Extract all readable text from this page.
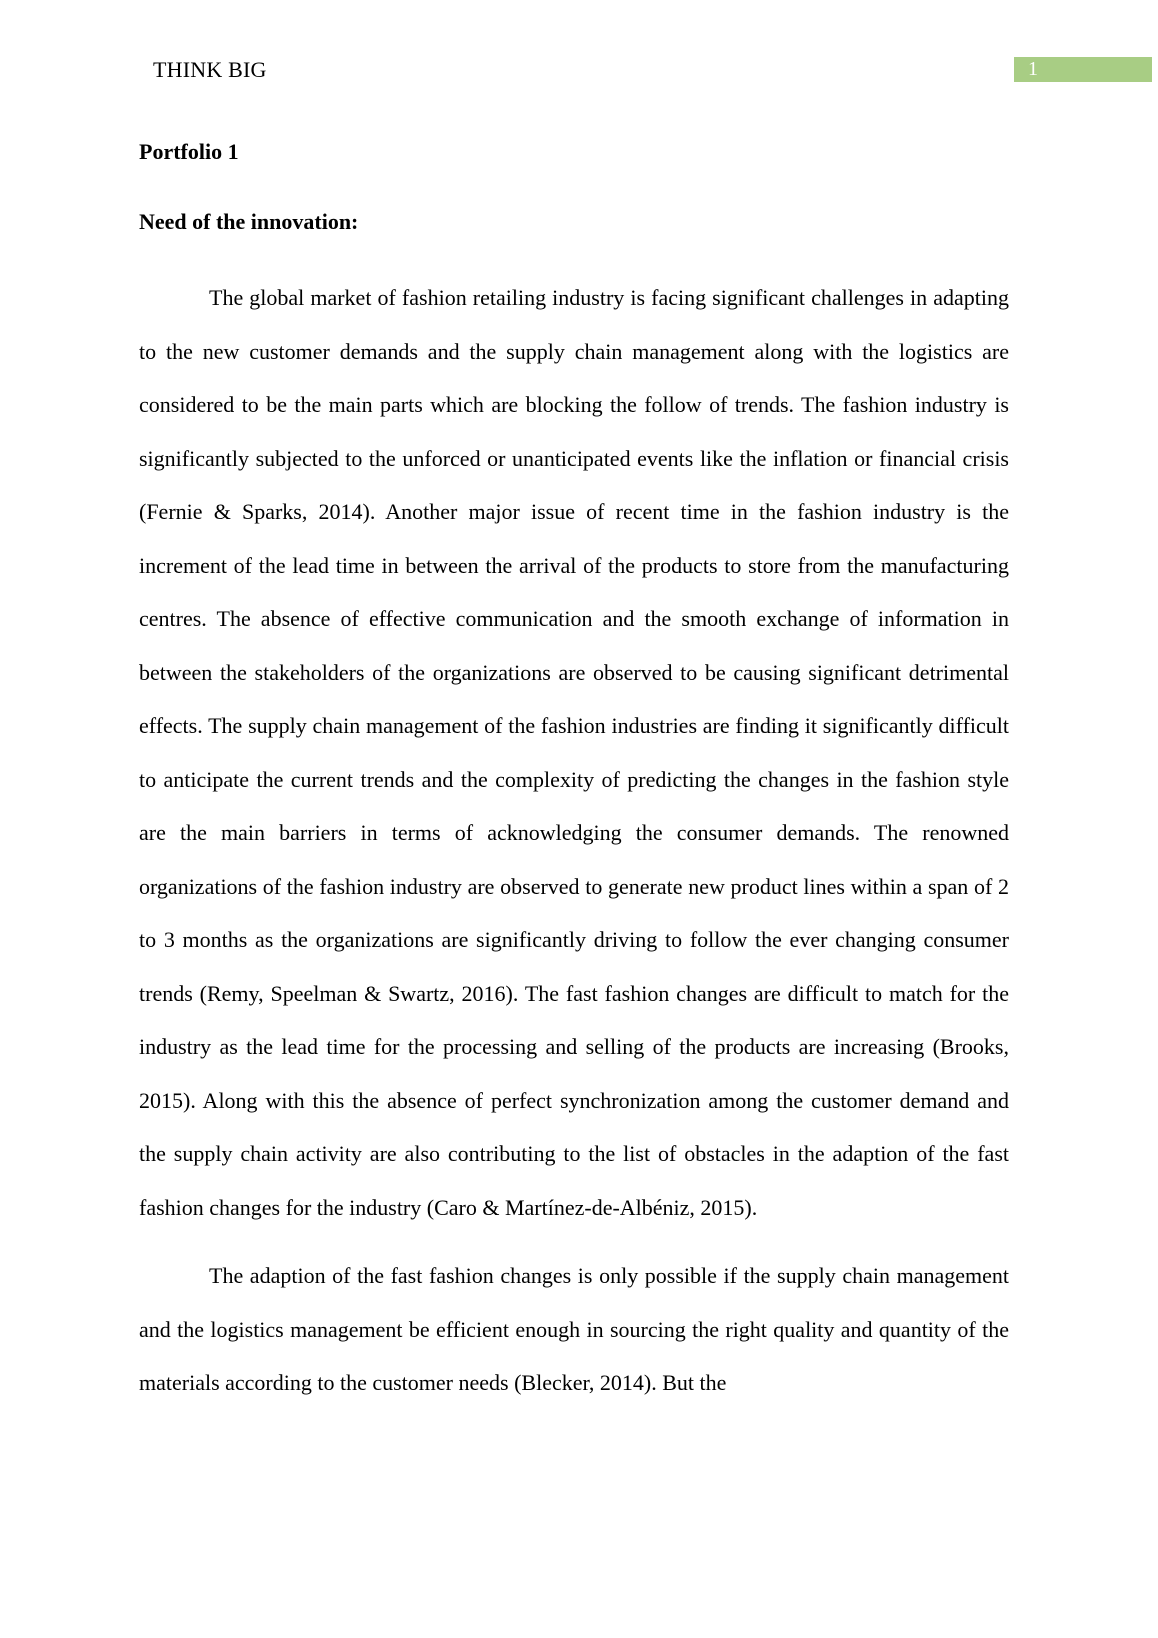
THINK BIG	1

Portfolio 1

Need of the innovation:

The global market of fashion retailing industry is facing significant challenges in adapting to the new customer demands and the supply chain management along with the logistics are considered to be the main parts which are blocking the follow of trends. The fashion industry is significantly subjected to the unforced or unanticipated events like the inflation or financial crisis (Fernie & Sparks, 2014). Another major issue of recent time in the fashion industry is the increment of the lead time in between the arrival of the products to store from the manufacturing centres. The absence of effective communication and the smooth exchange of information in between the stakeholders of the organizations are observed to be causing significant detrimental effects. The supply chain management of the fashion industries are finding it significantly difficult to anticipate the current trends and the complexity of predicting the changes in the fashion style are the main barriers in terms of acknowledging the consumer demands. The renowned organizations of the fashion industry are observed to generate new product lines within a span of 2 to 3 months as the organizations are significantly driving to follow the ever changing consumer trends (Remy, Speelman & Swartz, 2016). The fast fashion changes are difficult to match for the industry as the lead time for the processing and selling of the products are increasing (Brooks, 2015). Along with this the absence of perfect synchronization among the customer demand and the supply chain activity are also contributing to the list of obstacles in the adaption of the fast fashion changes for the industry (Caro & Martínez-de-Albéniz, 2015).

The adaption of the fast fashion changes is only possible if the supply chain management and the logistics management be efficient enough in sourcing the right quality and quantity of the materials according to the customer needs (Blecker, 2014). But the
